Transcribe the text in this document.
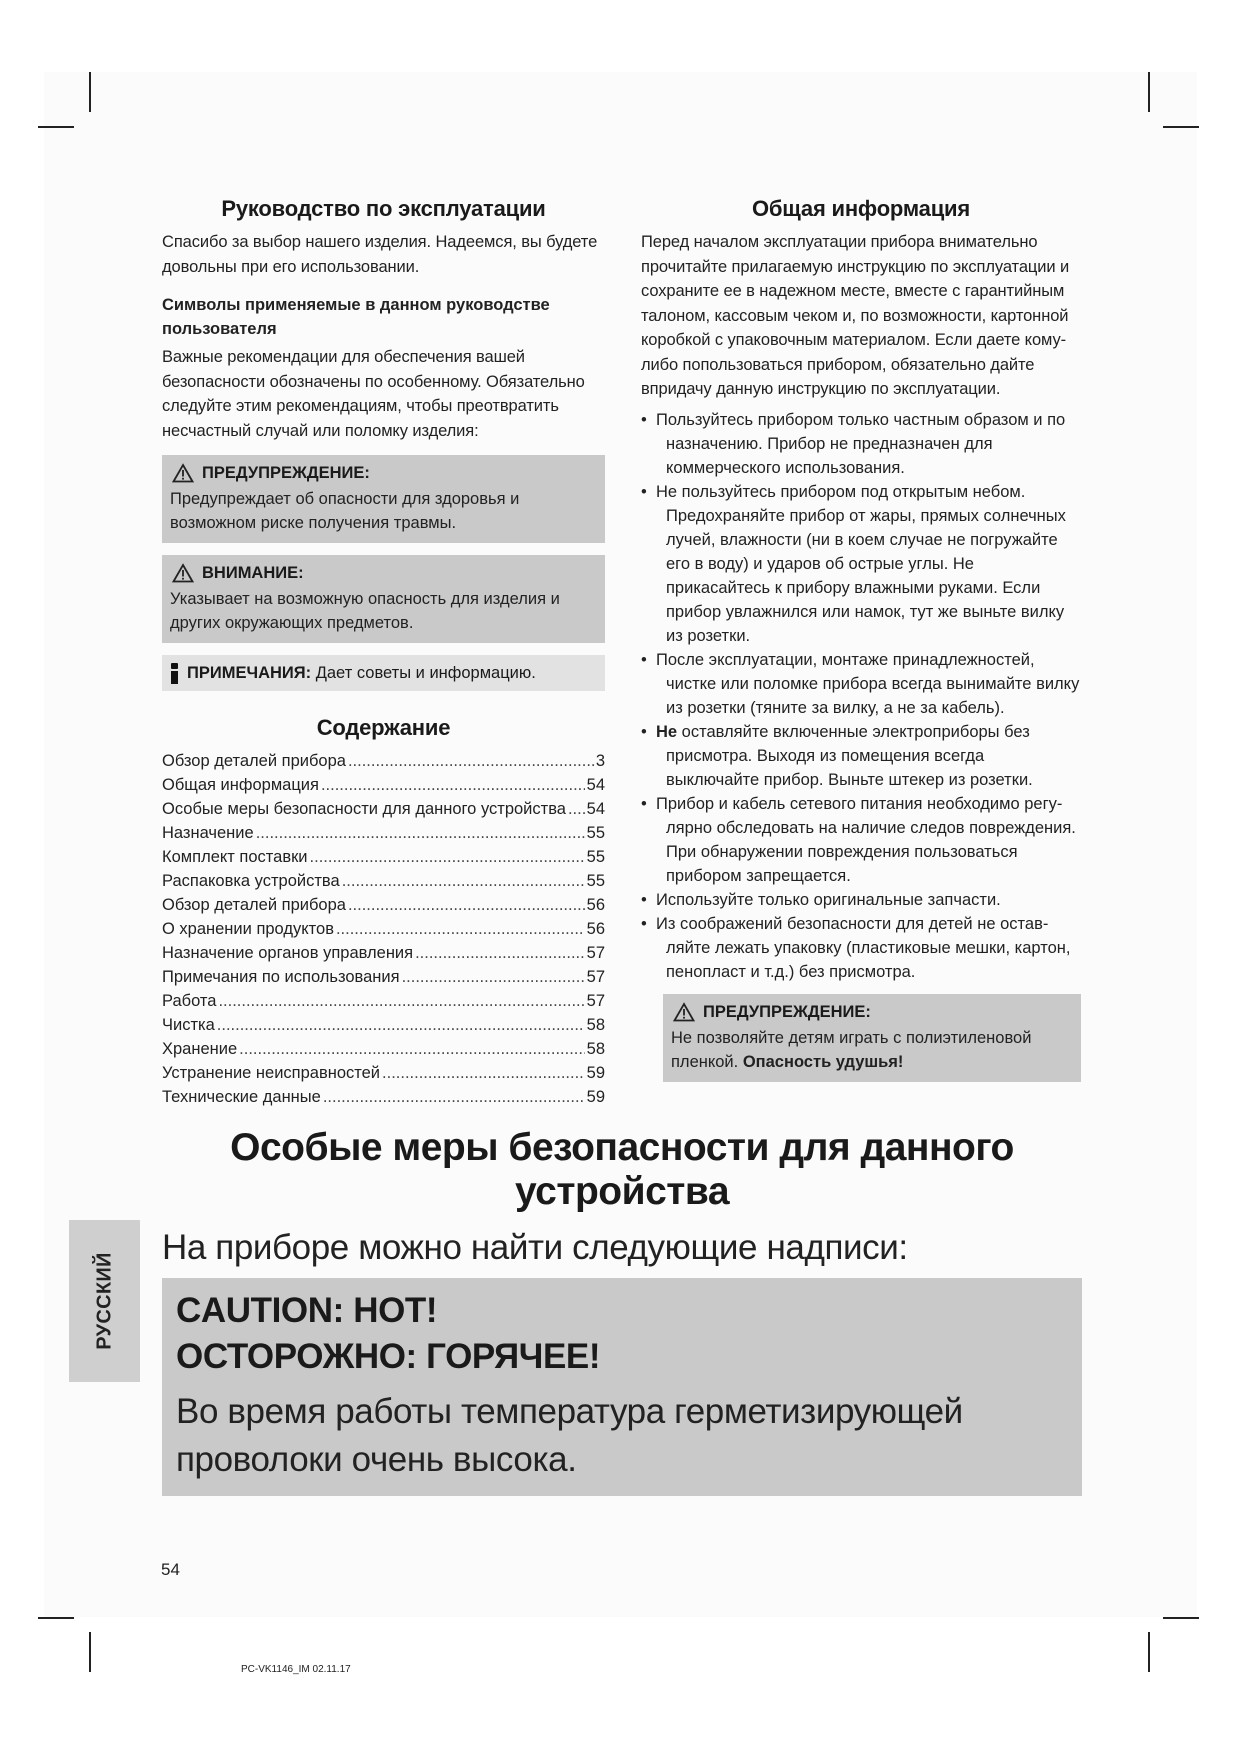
Руководство по эксплуатации

Спасибо за выбор нашего изделия. Надеемся, вы будете довольны при его использовании.

Символы применяемые в данном руководстве пользователя

Важные рекомендации для обеспечения вашей безопасности обозначены по особенному. Обязательно следуйте этим рекомендациям, чтобы преотвратить несчастный случай или поломку изделия:

ПРЕДУПРЕЖДЕНИЕ:
Предупреждает об опасности для здоровья и возможном риске получения травмы.
ВНИМАНИЕ:
Указывает на возможную опасность для изделия и других окружающих предметов.
ПРИМЕЧАНИЯ: Дает советы и информацию.
Содержание
Обзор деталей прибора .....	3
Общая информация .....	54
Особые меры безопасности для данного устройства ..... 54
Назначение .....	55
Комплект поставки .....	55
Распаковка устройства .....	55
Обзор деталей прибора .....	56
О хранении продуктов .....	56
Назначение органов управления .....	57
Примечания по использования .....	57
Работа .....	57
Чистка .....	58
Хранение .....	58
Устранение неисправностей .....	59
Технические данные .....	59
Общая информация

Перед началом эксплуатации прибора внимательно прочитайте прилагаемую инструкцию по эксплуатации и сохраните ее в надежном месте, вместе с гарантийным талоном, кассовым чеком и, по возможности, картонной коробкой с упаковочным материалом. Если даете кому-либо попользоваться прибором, обязательно дайте впридачу данную инструкцию по эксплуатации.

• Пользуйтесь прибором только частным образом и по
назначению. Прибор не предназначен для коммерческого использования.
• Не пользуйтесь прибором под открытым небом.
Предохраняйте прибор от жары, прямых солнечных лучей, влажности (ни в коем случае не погружайте его в воду) и ударов об острые углы. Не прикасайтесь к прибору влажными руками. Если прибор увлажнился или намок, тут же выньте вилку из розетки.
• После эксплуатации, монтаже принадлежностей,
чистке или поломке прибора всегда вынимайте вилку из розетки (тяните за вилку, а не за кабель).
• Не оставляйте включенные электроприборы без
присмотра. Выходя из помещения всегда выключайте прибор. Выньте штекер из розетки.
• Прибор и кабель сетевого питания необходимо регу-
лярно обследовать на наличие следов повреждения. При обнаружении повреждения пользоваться прибором запрещается.
• Используйте только оригинальные запчасти.
• Из соображений безопасности для детей не остав-
ляйте лежать упаковку (пластиковые мешки, картон, пенопласт и т.д.) без присмотра.
ПРЕДУПРЕЖДЕНИЕ:
Не позволяйте детям играть с полиэтиленовой пленкой. Опасность удушья!
Особые меры безопасности для данного устройства

На приборе можно найти следующие надписи:

CAUTION: HOT!
ОСТОРОЖНО: ГОРЯЧЕЕ!
Во время работы температура герметизирующей проволоки очень высока.
РУССКИЙ
54
PC-VK1146_IM 02.11.17
